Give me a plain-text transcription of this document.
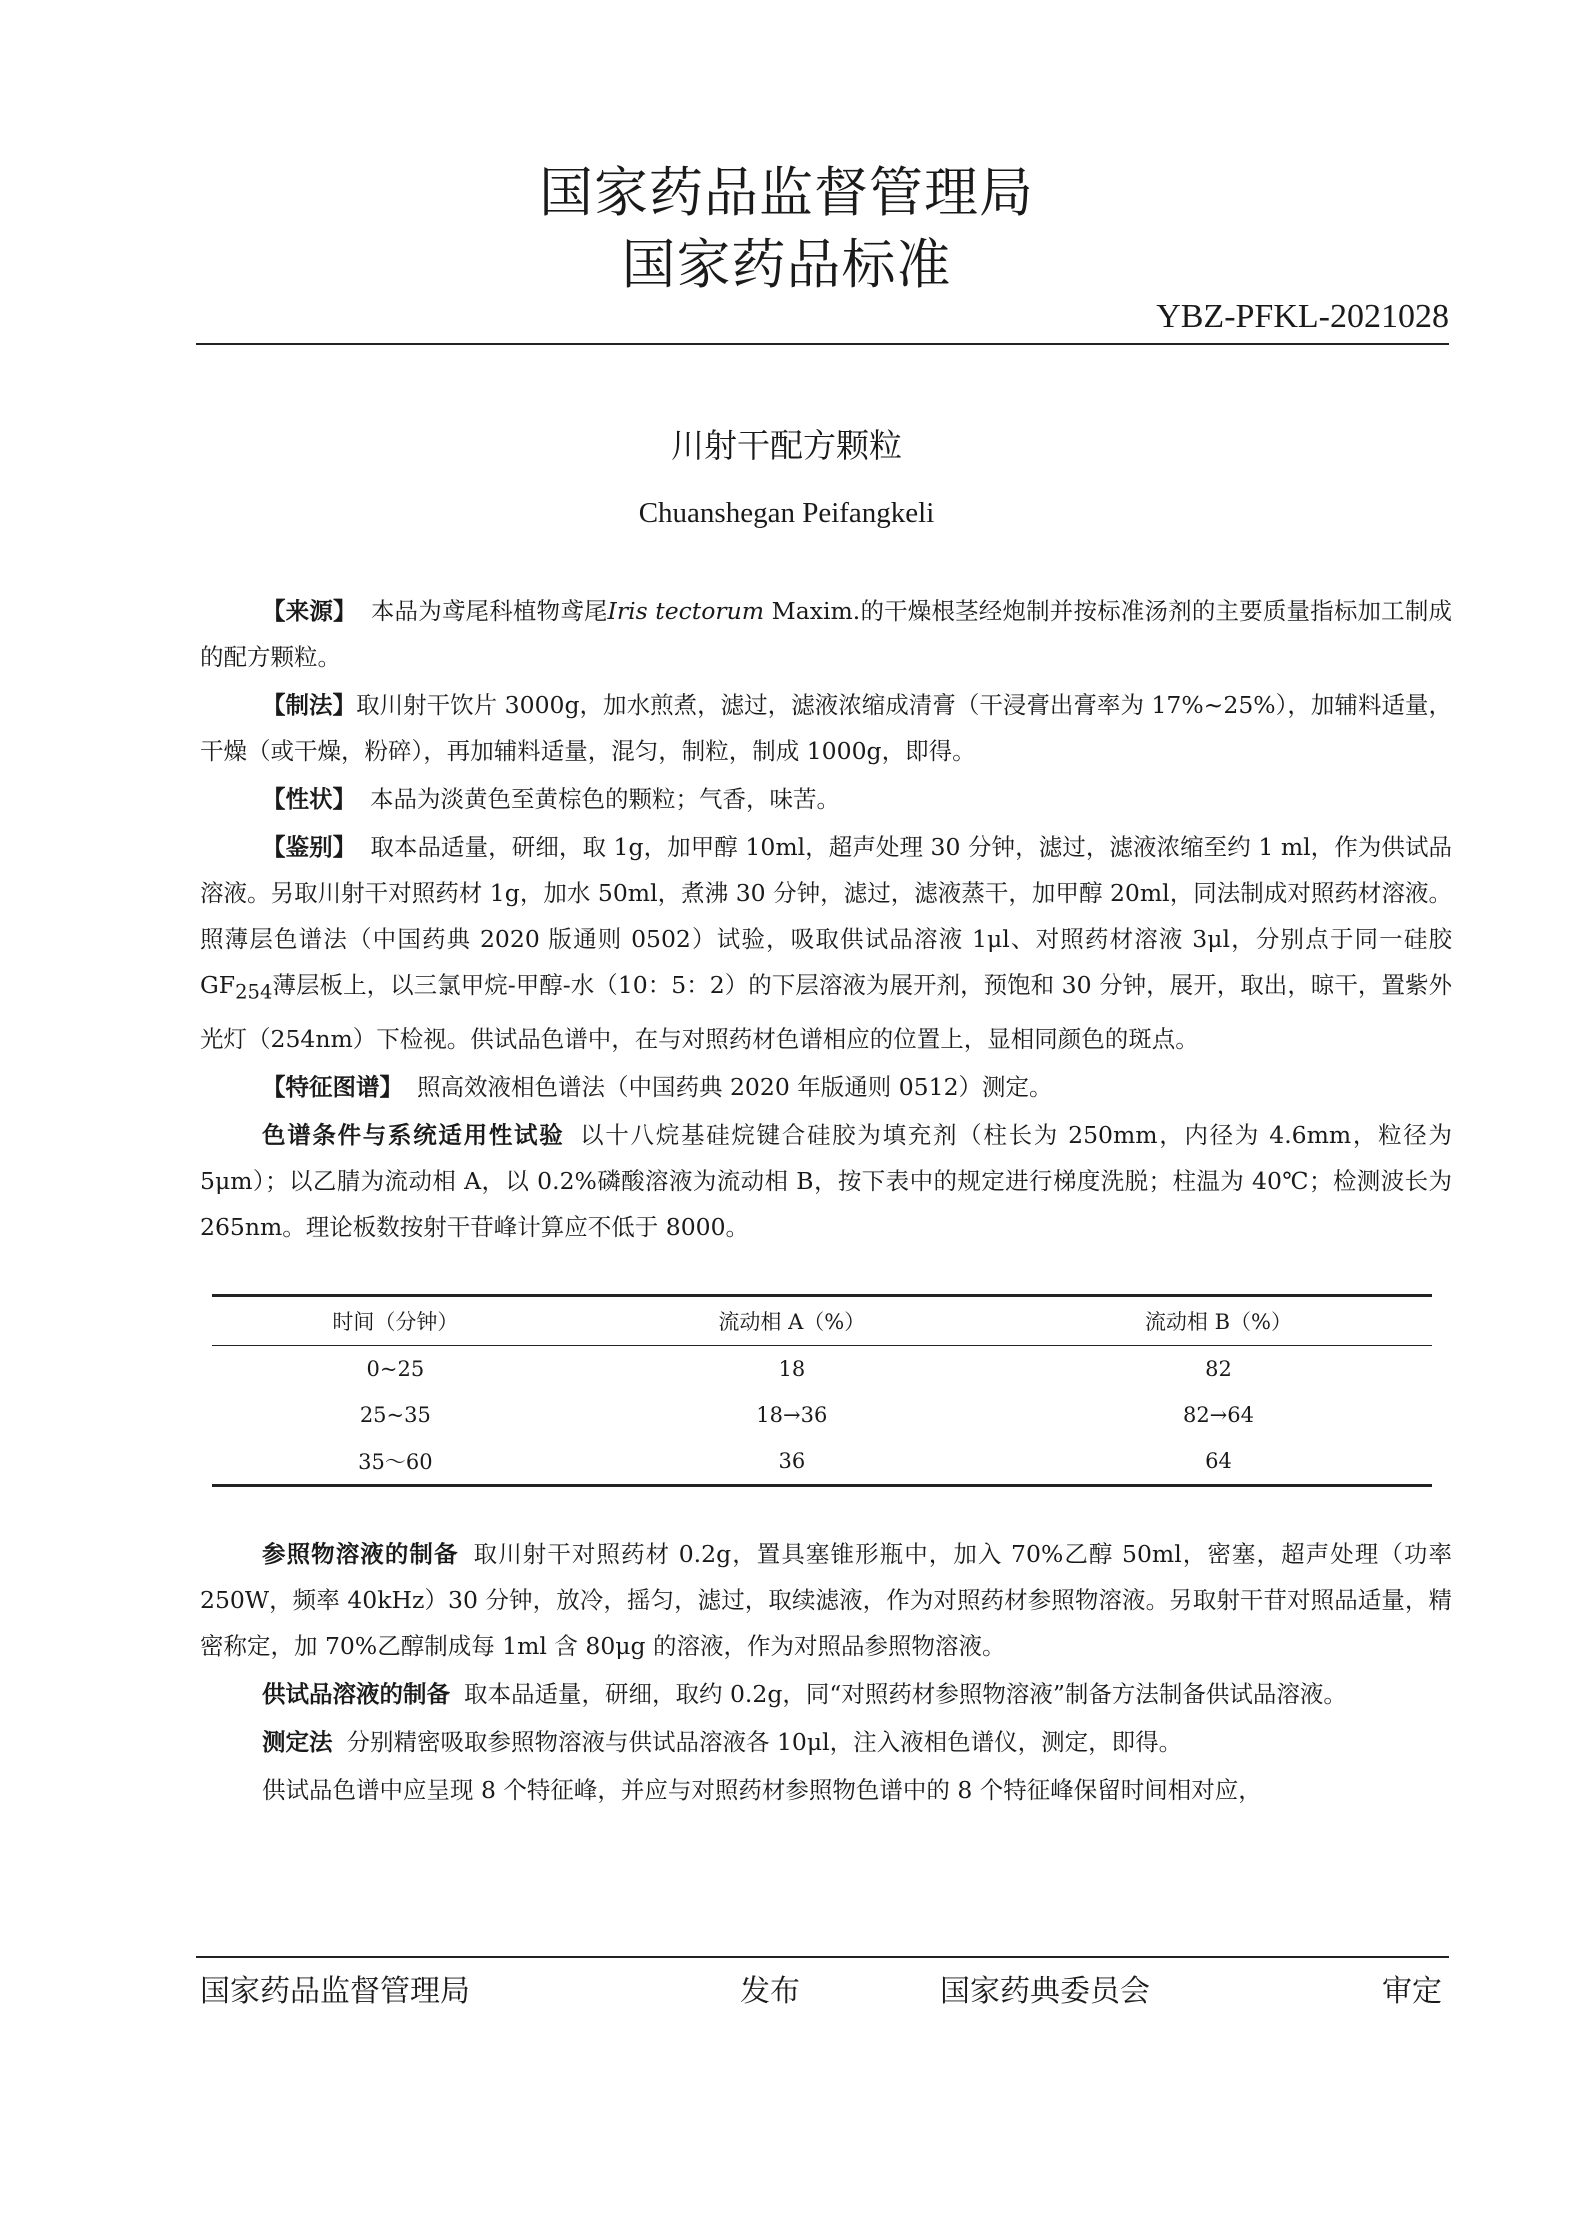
国家药品监督管理局
国家药品标准
YBZ-PFKL-2021028
川射干配方颗粒
Chuanshegan Peifangkeli

【来源】 本品为鸢尾科植物鸢尾Iris tectorum Maxim.的干燥根茎经炮制并按标准汤剂的主要质量指标加工制成的配方颗粒。

【制法】取川射干饮片 3000g，加水煎煮，滤过，滤液浓缩成清膏（干浸膏出膏率为 17%~25%），加辅料适量，干燥（或干燥，粉碎），再加辅料适量，混匀，制粒，制成 1000g，即得。

【性状】 本品为淡黄色至黄棕色的颗粒；气香，味苦。

【鉴别】 取本品适量，研细，取 1g，加甲醇 10ml，超声处理 30 分钟，滤过，滤液浓缩至约 1 ml，作为供试品溶液。另取川射干对照药材 1g，加水 50ml，煮沸 30 分钟，滤过，滤液蒸干，加甲醇 20ml，同法制成对照药材溶液。照薄层色谱法（中国药典 2020 版通则 0502）试验，吸取供试品溶液 1μl、对照药材溶液 3μl，分别点于同一硅胶 $GF_{254}$薄层板上，以三氯甲烷-甲醇-水（10：5：2）的下层溶液为展开剂，预饱和 30 分钟，展开，取出，晾干，置紫外光灯（254nm）下检视。供试品色谱中，在与对照药材色谱相应的位置上，显相同颜色的斑点。

【特征图谱】 照高效液相色谱法（中国药典 2020 年版通则 0512）测定。

色谱条件与系统适用性试验 以十八烷基硅烷键合硅胶为填充剂（柱长为 250mm，内径为 4.6mm，粒径为 5μm）；以乙腈为流动相 A，以 0.2%磷酸溶液为流动相 B，按下表中的规定进行梯度洗脱；柱温为 40℃；检测波长为 265nm。理论板数按射干苷峰计算应不低于 8000。

时间（分钟）	流动相 A（%）	流动相 B（%）
0~25	18	82
25~35	18→36	82→64
35～60	36	64

参照物溶液的制备 取川射干对照药材 0.2g，置具塞锥形瓶中，加入 70%乙醇 50ml，密塞，超声处理（功率 250W，频率 40kHz）30 分钟，放冷，摇匀，滤过，取续滤液，作为对照药材参照物溶液。另取射干苷对照品适量，精密称定，加 70%乙醇制成每 1ml 含 80μg 的溶液，作为对照品参照物溶液。

供试品溶液的制备 取本品适量，研细，取约 0.2g，同“对照药材参照物溶液”制备方法制备供试品溶液。

测定法 分别精密吸取参照物溶液与供试品溶液各 10μl，注入液相色谱仪，测定，即得。

供试品色谱中应呈现 8 个特征峰，并应与对照药材参照物色谱中的 8 个特征峰保留时间相对应，

国家药品监督管理局	发布	国家药典委员会	审定
